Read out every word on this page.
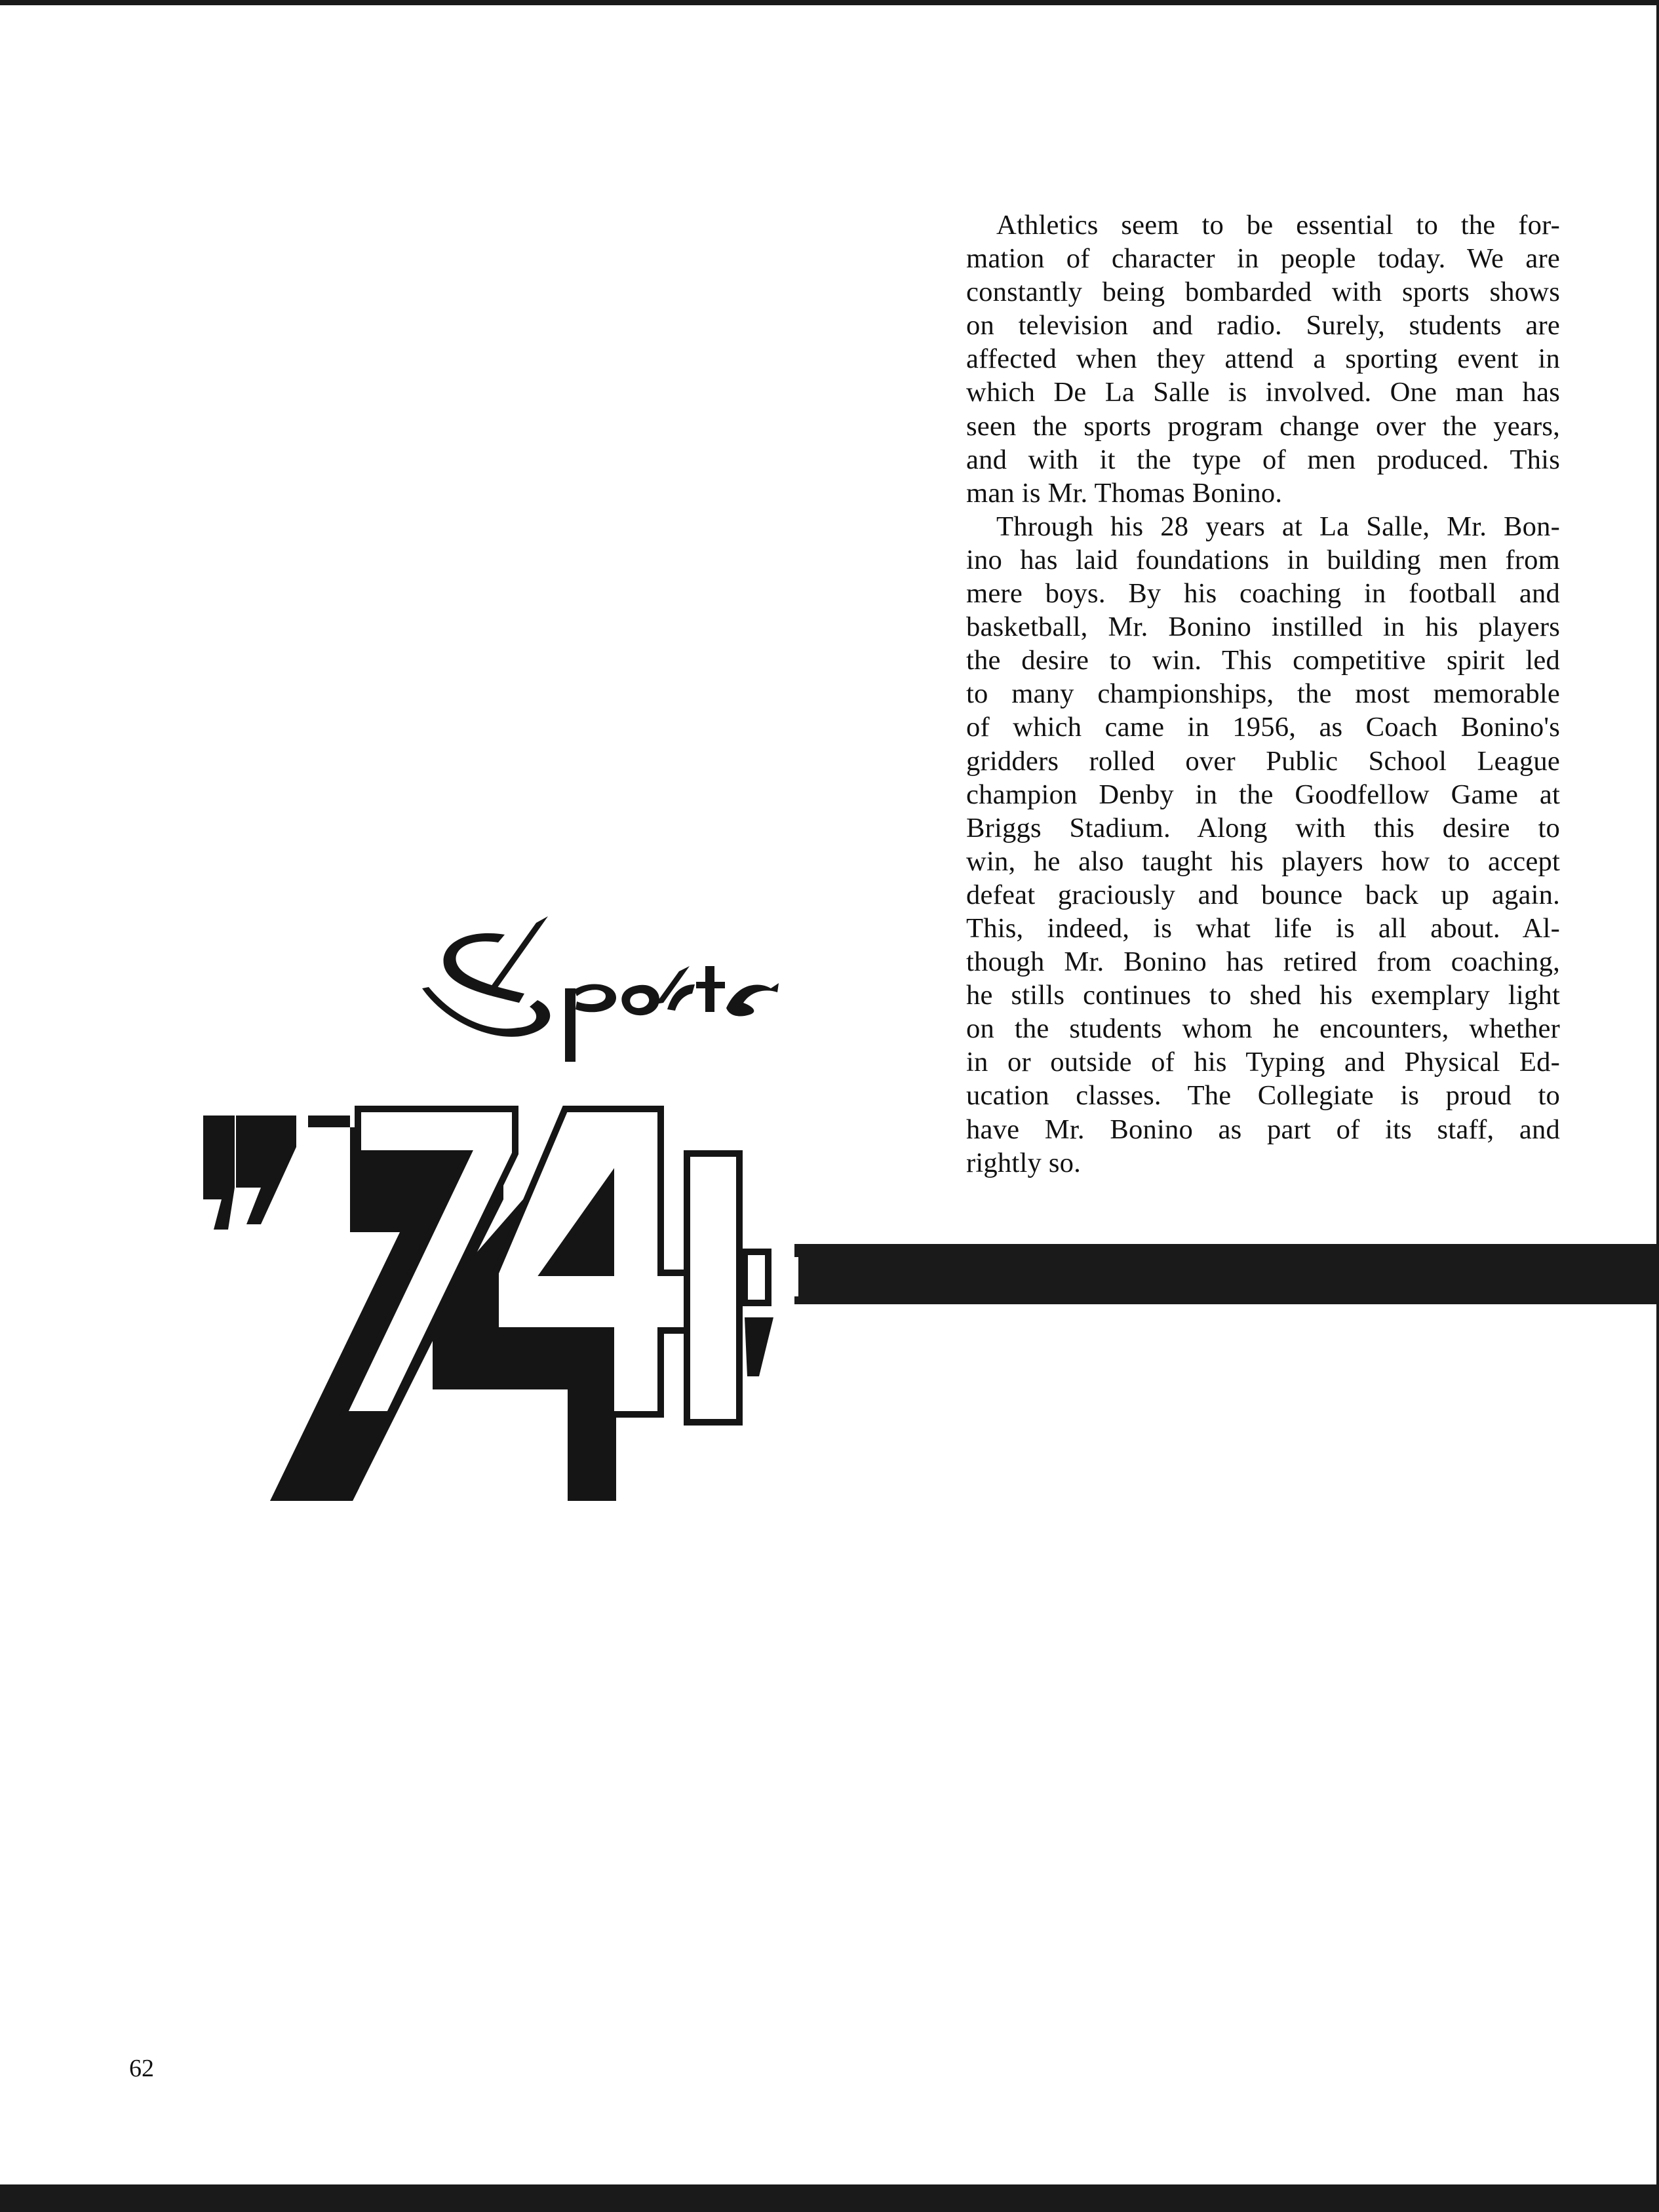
Athletics seem to be essential to the for-
mation of character in people today. We are
constantly being bombarded with sports shows
on television and radio. Surely, students are
affected when they attend a sporting event in
which De La Salle is involved. One man has
seen the sports program change over the years,
and with it the type of men produced. This
man is Mr. Thomas Bonino.

Through his 28 years at La Salle, Mr. Bon-
ino has laid foundations in building men from
mere boys. By his coaching in football and
basketball, Mr. Bonino instilled in his players
the desire to win. This competitive spirit led
to many championships, the most memorable
of which came in 1956, as Coach Bonino's
gridders rolled over Public School League
champion Denby in the Goodfellow Game at
Briggs Stadium. Along with this desire to
win, he also taught his players how to accept
defeat graciously and bounce back up again.
This, indeed, is what life is all about. Al-
though Mr. Bonino has retired from coaching,
he stills continues to shed his exemplary light
on the students whom he encounters, whether
in or outside of his Typing and Physical Ed-
ucation classes. The Collegiate is proud to
have Mr. Bonino as part of its staff, and
rightly so.

62
